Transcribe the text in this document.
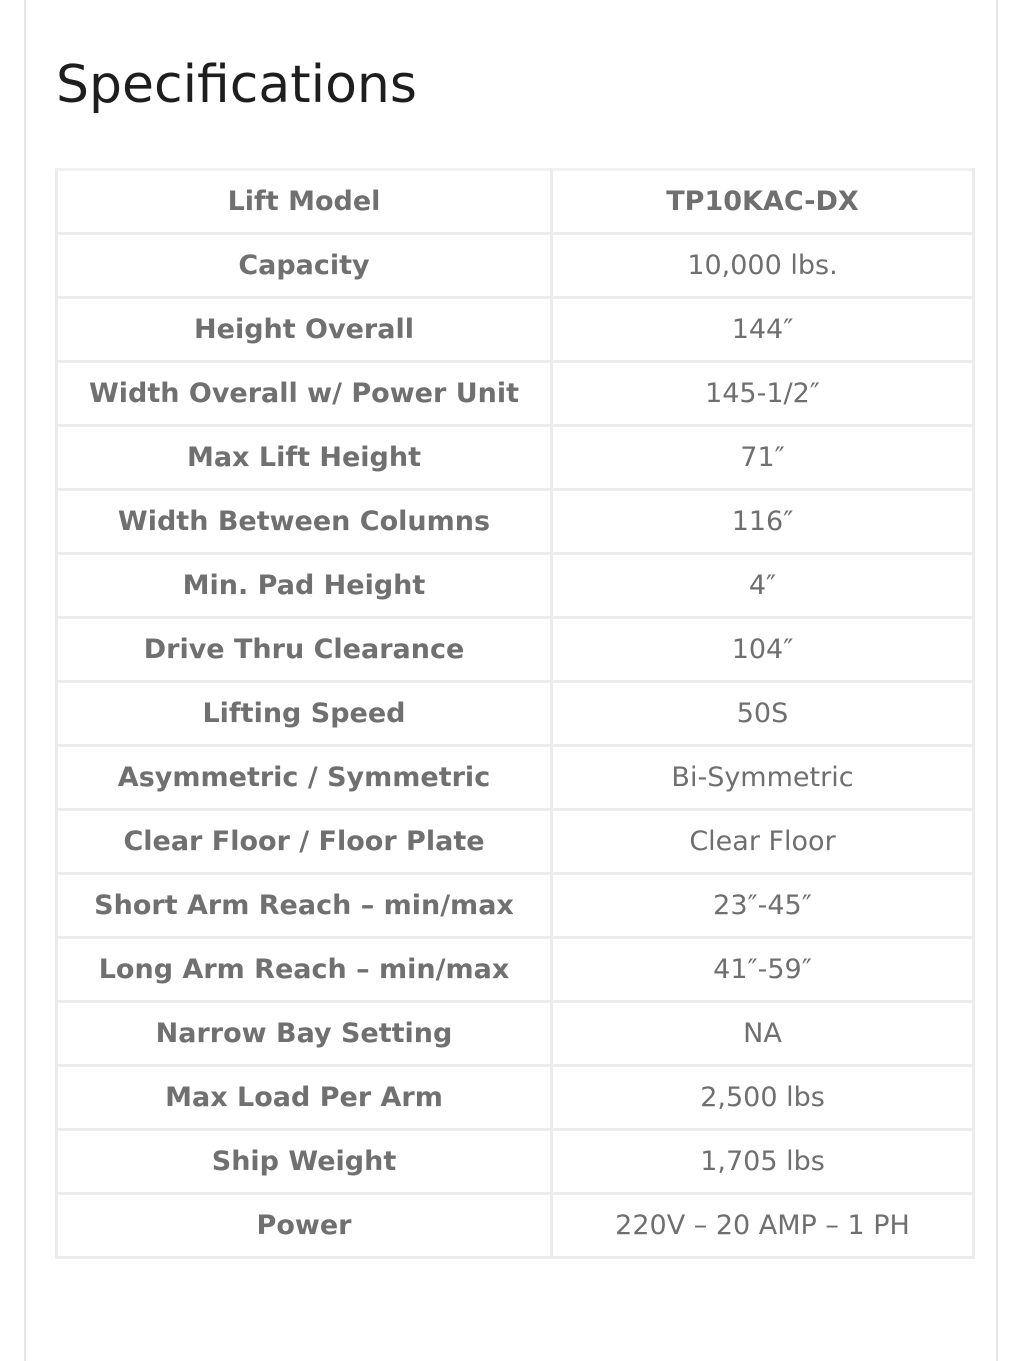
Specifications
Lift Model	TP10KAC-DX
Capacity	10,000 lbs.
Height Overall	144″
Width Overall w/ Power Unit	145-1/2″
Max Lift Height	71″
Width Between Columns	116″
Min. Pad Height	4″
Drive Thru Clearance	104″
Lifting Speed	50S
Asymmetric / Symmetric	Bi-Symmetric
Clear Floor / Floor Plate	Clear Floor
Short Arm Reach – min/max	23″-45″
Long Arm Reach – min/max	41″-59″
Narrow Bay Setting	NA
Max Load Per Arm	2,500 lbs
Ship Weight	1,705 lbs
Power	220V – 20 AMP – 1 PH
